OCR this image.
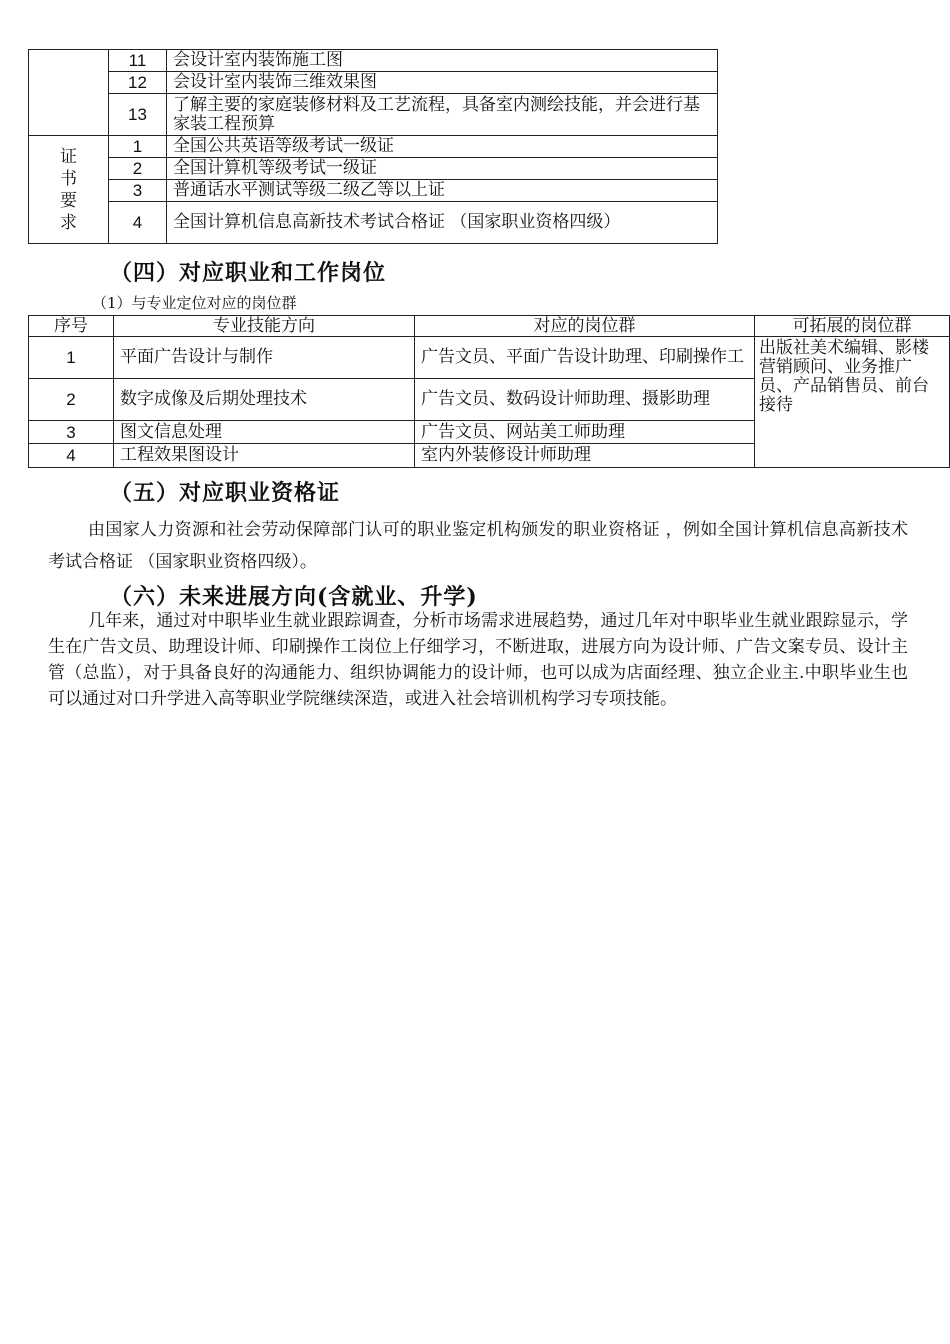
	11	会设计室内装饰施工图
	12	会设计室内装饰三维效果图
	13	了解主要的家庭装修材料及工艺流程，具备室内测绘技能，并会进行基 家装工程预算
证书要求	1	全国公共英语等级考试一级证
	2	全国计算机等级考试一级证
	3	普通话水平测试等级二级乙等以上证
	4	全国计算机信息高新技术考试合格证 （国家职业资格四级）
（四）对应职业和工作岗位
（1）与专业定位对应的岗位群
序号	专业技能方向	对应的岗位群	可拓展的岗位群
1	平面广告设计与制作	广告文员、平面广告设计助理、印刷操作工	出版社美术编辑、影楼营销顾问、业务推广员、产品销售员、前台接待
2	数字成像及后期处理技术	广告文员、数码设计师助理、摄影助理	
3	图文信息处理	广告文员、网站美工师助理	
4	工程效果图设计	室内外装修设计师助理	
（五）对应职业资格证
由国家人力资源和社会劳动保障部门认可的职业鉴定机构颁发的职业资格证 ，例如全国计算机信息高新技术考试合格证 （国家职业资格四级）。
（六）未来进展方向(含就业、升学)
几年来，通过对中职毕业生就业跟踪调查，分析市场需求进展趋势，通过几年对中职毕业生就业跟踪显示，学生在广告文员、助理设计师、印刷操作工岗位上仔细学习，不断进取，进展方向为设计师、广告文案专员、设计主管（总监），对于具备良好的沟通能力、组织协调能力的设计师，也可以成为店面经理、独立企业主.中职毕业生也可以通过对口升学进入高等职业学院继续深造，或进入社会培训机构学习专项技能。
